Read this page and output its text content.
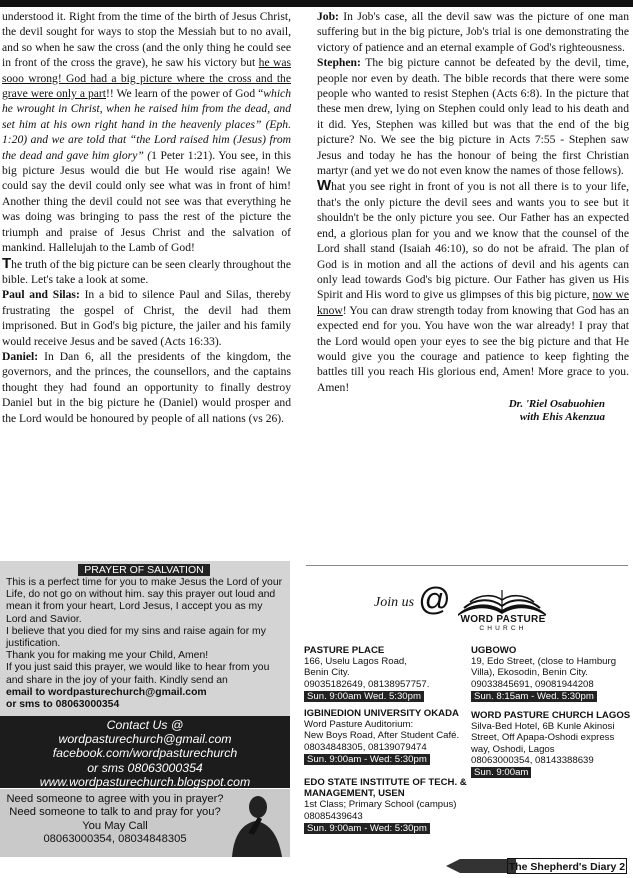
understood it. Right from the time of the birth of Jesus Christ, the devil sought for ways to stop the Messiah but to no avail, and so when he saw the cross (and the only thing he could see in front of the cross the grave), he saw his victory but he was sooo wrong! God had a big picture where the cross and the grave were only a part!! We learn of the power of God “which he wrought in Christ, when he raised him from the dead, and set him at his own right hand in the heavenly places” (Eph. 1:20) and we are told that “the Lord raised him (Jesus) from the dead and gave him glory” (1 Peter 1:21). You see, in this big picture Jesus would die but He would rise again! We could say the devil could only see what was in front of him! Another thing the devil could not see was that everything he was doing was bringing to pass the rest of the picture the triumph and praise of Jesus Christ and the salvation of mankind. Hallelujah to the Lamb of God!

The truth of the big picture can be seen clearly throughout the bible. Let's take a look at some.

Paul and Silas: In a bid to silence Paul and Silas, thereby frustrating the gospel of Christ, the devil had them imprisoned. But in God's big picture, the jailer and his family would receive Jesus and be saved (Acts 16:33).

Daniel: In Dan 6, all the presidents of the kingdom, the governors, and the princes, the counsellors, and the captains thought they had found an opportunity to finally destroy Daniel but in the big picture he (Daniel) would prosper and the Lord would be honoured by people of all nations (vs 26).

Job: In Job's case, all the devil saw was the picture of one man suffering but in the big picture, Job's trial is one demonstrating the victory of patience and an eternal example of God's righteousness.

Stephen: The big picture cannot be defeated by the devil, time, people nor even by death. The bible records that there were some people who wanted to resist Stephen (Acts 6:8). In the picture that these men drew, lying on Stephen could only lead to his death and it did. Yes, Stephen was killed but was that the end of the big picture? No. We see the big picture in Acts 7:55 - Stephen saw Jesus and today he has the honour of being the first Christian martyr (and yet we do not even know the names of those fellows).

What you see right in front of you is not all there is to your life, that's the only picture the devil sees and wants you to see but it shouldn't be the only picture you see. Our Father has an expected end, a glorious plan for you and we know that the counsel of the Lord shall stand (Isaiah 46:10), so do not be afraid. The plan of God is in motion and all the actions of devil and his agents can only lead towards God's big picture. Our Father has given us His Spirit and His word to give us glimpses of this big picture, now we know! You can draw strength today from knowing that God has an expected end for you. You have won the war already! I pray that the Lord would open your eyes to see the big picture and that He would give you the courage and patience to keep fighting the battles till you reach His glorious end, Amen! More grace to you. Amen!

Dr. 'Riel Osabuohien
with Ehis Akenzua
PRAYER OF SALVATION

This is a perfect time for you to make Jesus the Lord of your Life, do not go on without him. say this prayer out loud and mean it from your heart, Lord Jesus, I accept you as my Lord and Savior.

I believe that you died for my sins and raise again for my justification.

Thank you for making me your Child, Amen!

If you just said this prayer, we would like to hear from you and share in the joy of your faith. Kindly send an

email to wordpasturechurch@gmail.com

or sms to 08063000354

Contact Us @
wordpasturechurch@gmail.com
facebook.com/wordpasturechurch
or sms 08063000354
www.wordpasturechurch.blogspot.com
Need someone to agree with you in prayer?
Need someone to talk to and pray for you?
You May Call
08063000354, 08034848305
Join us @
WORD PASTURE
CHURCH
PASTURE PLACE
166, Uselu Lagos Road,
Benin City.
09035182649, 08138957757.
Sun. 9:00am Wed. 5:30pm
UGBOWO
19, Edo Street, (close to Hamburg
Villa), Ekosodin, Benin City.
09033845691, 09081944208
Sun. 8:15am - Wed. 5:30pm
IGBINEDION UNIVERSITY OKADA
Word Pasture Auditorium:
New Boys Road, After Student Café.
08034848305, 08139079474
Sun. 9:00am - Wed: 5:30pm
WORD PASTURE CHURCH LAGOS
Silva-Bed Hotel, 6B Kunle Akinosi
Street, Off Apapa-Oshodi express
way, Oshodi, Lagos
08063000354, 08143388639
Sun. 9:00am
EDO STATE INSTITUTE OF TECH. & MANAGEMENT, USEN
1st Class; Primary School (campus)
08085439643
Sun. 9:00am - Wed: 5:30pm
The Shepherd's Diary 2
